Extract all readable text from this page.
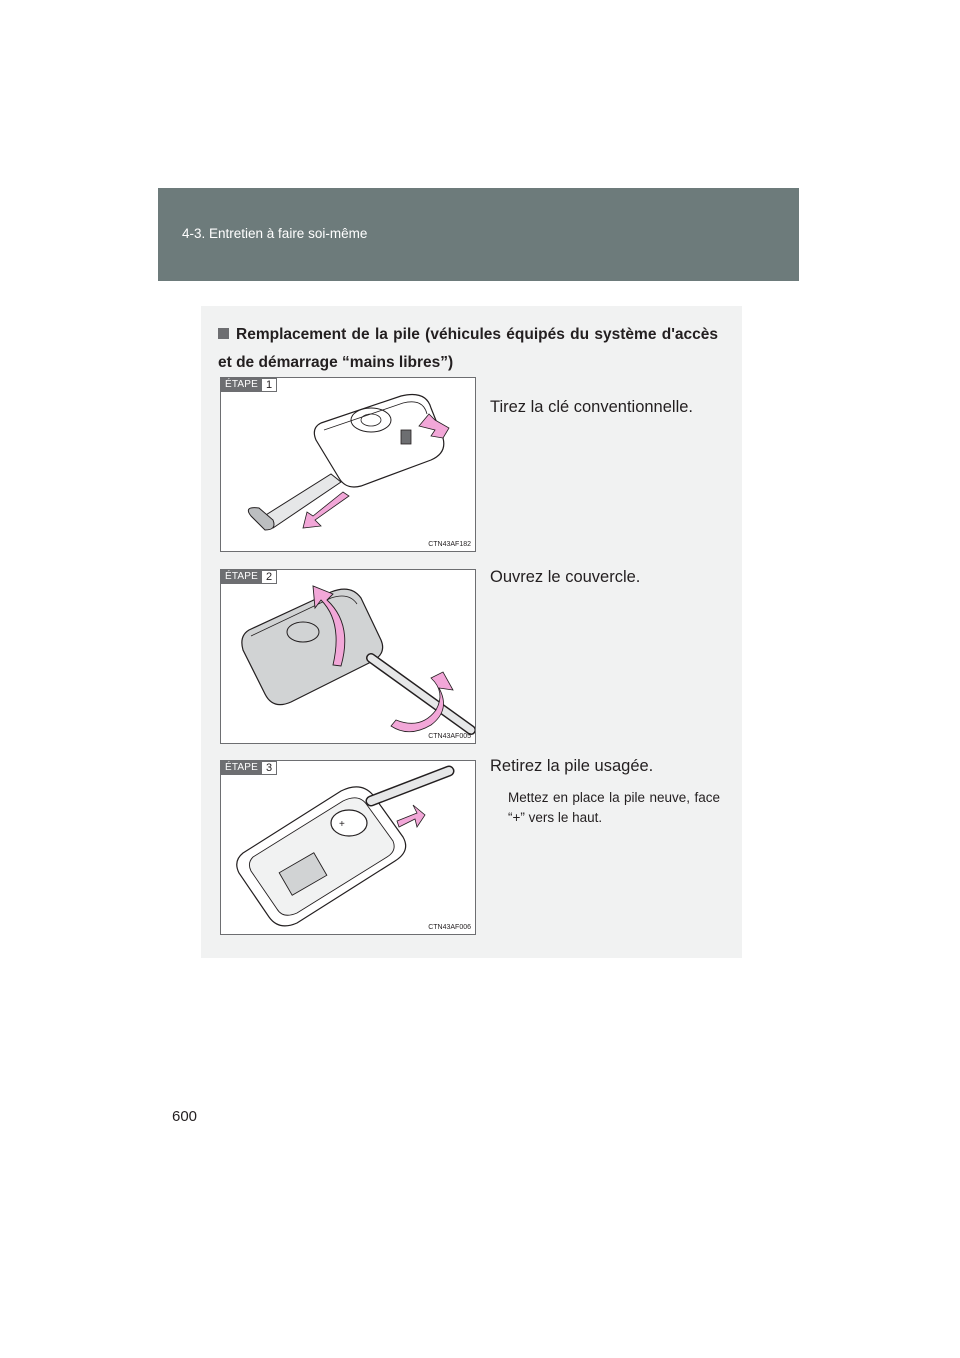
4-3. Entretien à faire soi-même
Remplacement de la pile (véhicules équipés du système d'accès et de démarrage “mains libres”)
ÉTAPE 1
CTN43AF182
Tirez la clé conventionnelle.
ÉTAPE 2
CTN43AF005
Ouvrez le couvercle.
+
ÉTAPE 3
CTN43AF006
Retirez la pile usagée.
Mettez en place la pile neuve, face “+” vers le haut.
600
